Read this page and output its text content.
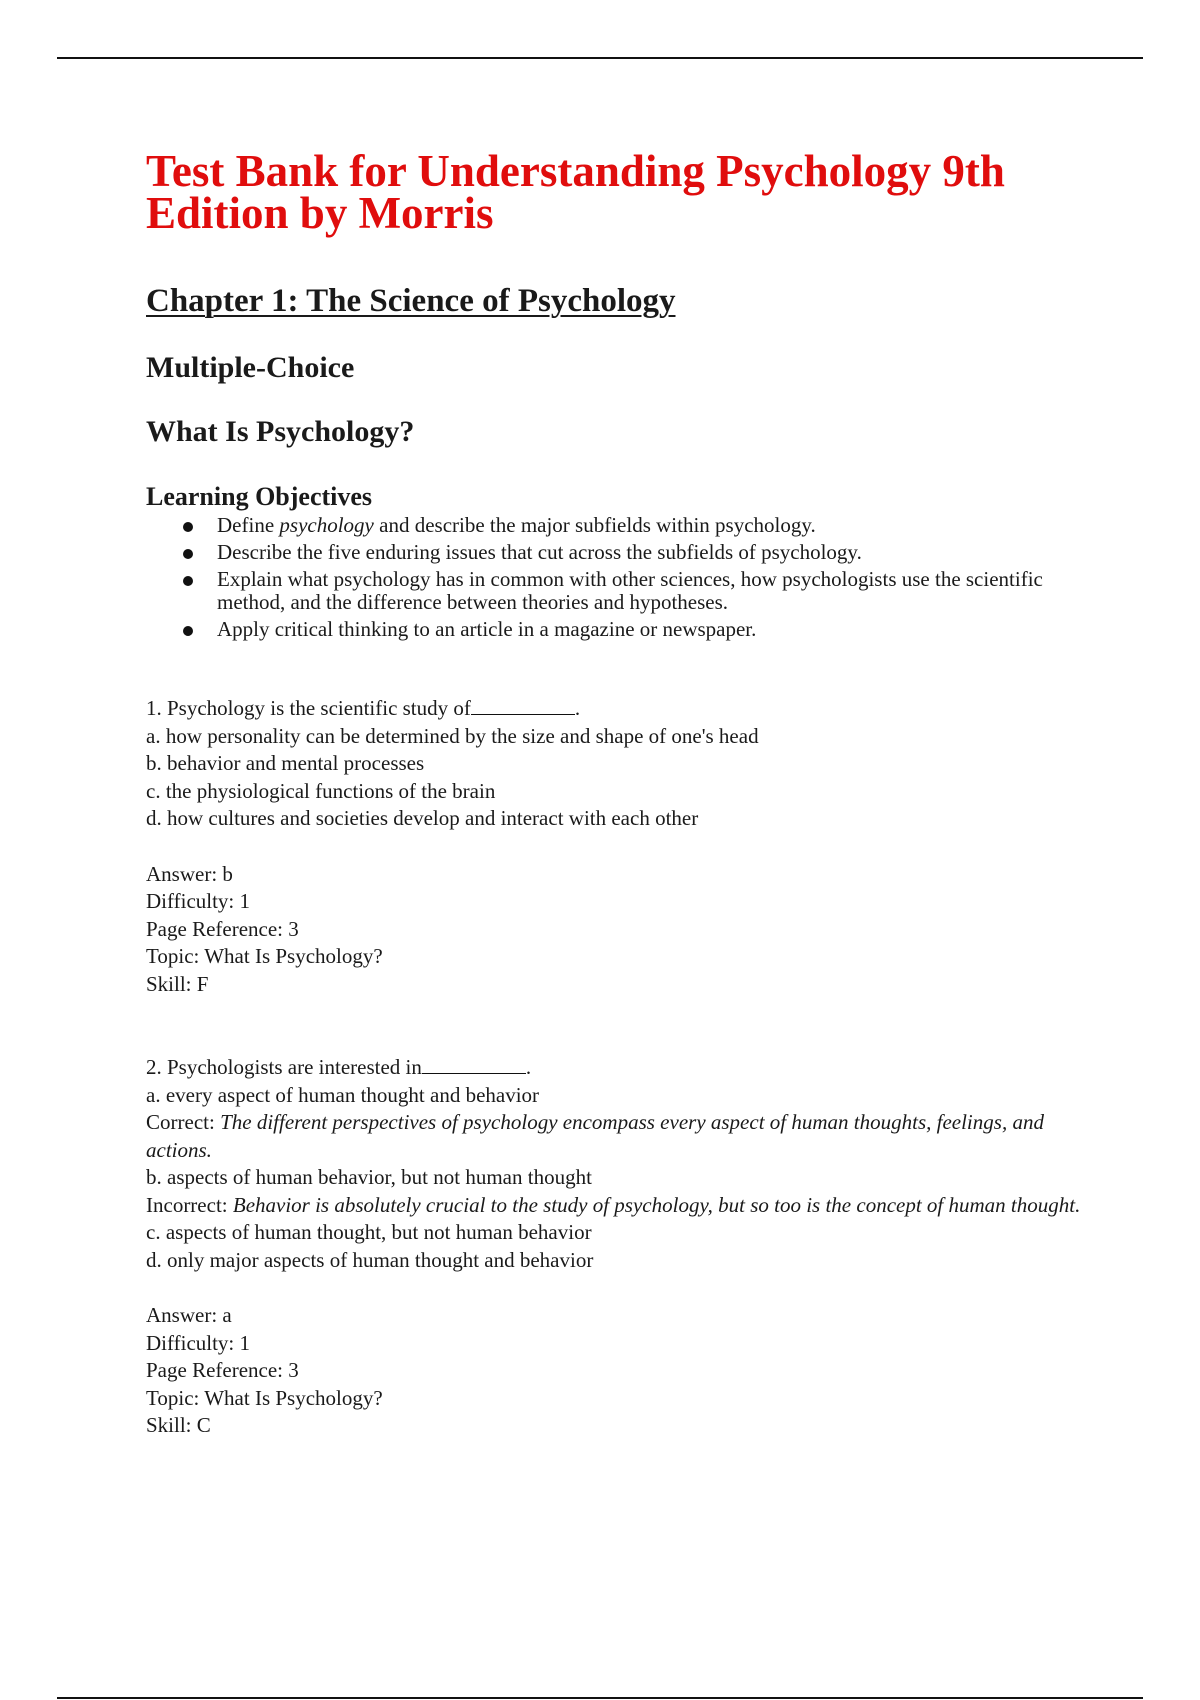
Test Bank for Understanding Psychology 9th Edition by Morris
Chapter 1: The Science of Psychology
Multiple-Choice
What Is Psychology?
Learning Objectives
Define psychology and describe the major subfields within psychology.
Describe the five enduring issues that cut across the subfields of psychology.
Explain what psychology has in common with other sciences, how psychologists use the scientific method, and the difference between theories and hypotheses.
Apply critical thinking to an article in a magazine or newspaper.
1. Psychology is the scientific study of	.
a. how personality can be determined by the size and shape of one's head
b. behavior and mental processes
c. the physiological functions of the brain
d. how cultures and societies develop and interact with each other
Answer: b
Difficulty: 1
Page Reference: 3
Topic: What Is Psychology?
Skill: F
2. Psychologists are interested in	.
a. every aspect of human thought and behavior
Correct: The different perspectives of psychology encompass every aspect of human thoughts, feelings, and actions.
b. aspects of human behavior, but not human thought
Incorrect: Behavior is absolutely crucial to the study of psychology, but so too is the concept of human thought.
c. aspects of human thought, but not human behavior
d. only major aspects of human thought and behavior
Answer: a
Difficulty: 1
Page Reference: 3
Topic: What Is Psychology?
Skill: C
